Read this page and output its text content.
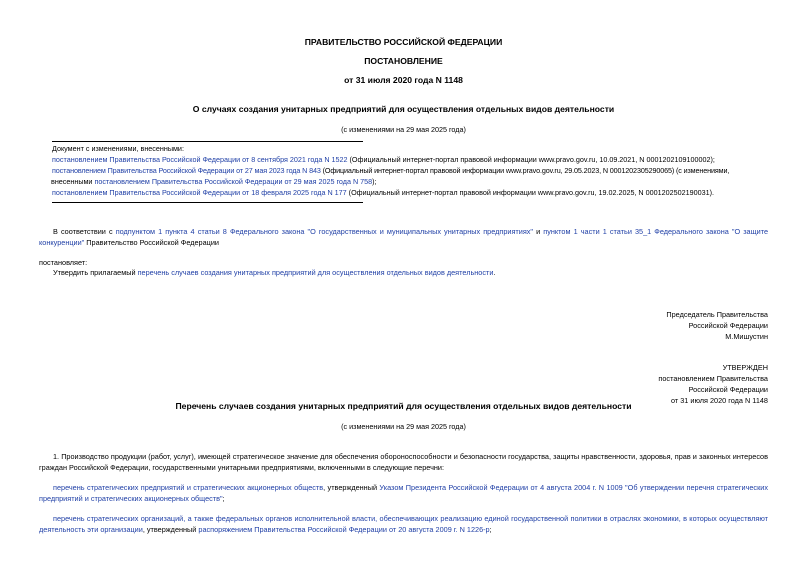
ПРАВИТЕЛЬСТВО РОССИЙСКОЙ ФЕДЕРАЦИИ
ПОСТАНОВЛЕНИЕ
от 31 июля 2020 года N 1148
О случаях создания унитарных предприятий для осуществления отдельных видов деятельности
(с изменениями на 29 мая 2025 года)
Документ с изменениями, внесенными:
постановлением Правительства Российской Федерации от 8 сентября 2021 года N 1522 (Официальный интернет-портал правовой информации www.pravo.gov.ru, 10.09.2021, N 0001202109100002);
постановлением Правительства Российской Федерации от 27 мая 2023 года N 843 (Официальный интернет-портал правовой информации www.pravo.gov.ru, 29.05.2023, N 0001202305290065) (с изменениями,
внесенными постановлением Правительства Российской Федерации от 29 мая 2025 года N 758);
постановлением Правительства Российской Федерации от 18 февраля 2025 года N 177 (Официальный интернет-портал правовой информации www.pravo.gov.ru, 19.02.2025, N 0001202502190031).
В соответствии с подпунктом 1 пункта 4 статьи 8 Федерального закона "О государственных и муниципальных унитарных предприятиях" и пунктом 1 части 1 статьи 35_1 Федерального закона "О защите конкуренции" Правительство Российской Федерации
постановляет:
Утвердить прилагаемый перечень случаев создания унитарных предприятий для осуществления отдельных видов деятельности.
Председатель Правительства
Российской Федерации
М.Мишустин
УТВЕРЖДЕН
постановлением Правительства
Российской Федерации
от 31 июля 2020 года N 1148
Перечень случаев создания унитарных предприятий для осуществления отдельных видов деятельности
(с изменениями на 29 мая 2025 года)
1. Производство продукции (работ, услуг), имеющей стратегическое значение для обеспечения обороноспособности и безопасности государства, защиты нравственности, здоровья, прав и законных интересов граждан Российской Федерации, государственными унитарными предприятиями, включенными в следующие перечни:
перечень стратегических предприятий и стратегических акционерных обществ, утвержденный Указом Президента Российской Федерации от 4 августа 2004 г. N 1009 "Об утверждении перечня стратегических предприятий и стратегических акционерных обществ";
перечень стратегических организаций, а также федеральных органов исполнительной власти, обеспечивающих реализацию единой государственной политики в отраслях экономики, в которых осуществляют деятельность эти организации, утвержденный распоряжением Правительства Российской Федерации от 20 августа 2009 г. N 1226-р;
